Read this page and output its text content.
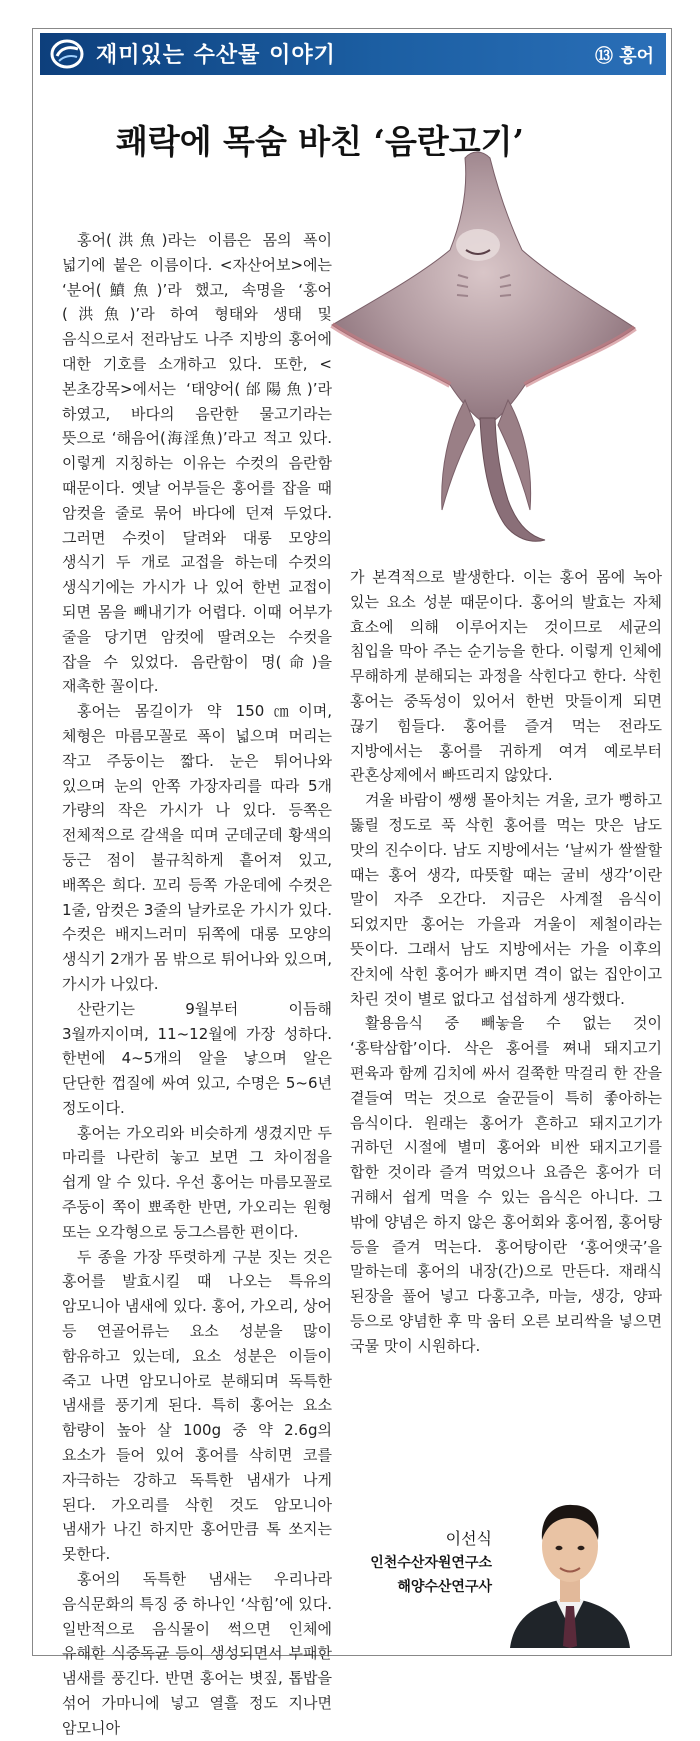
재미있는 수산물 이야기	⑬ 홍어
쾌락에 목숨 바친 ‘음란고기’

홍어(洪魚)라는 이름은 몸의 폭이 넓기에 붙은 이름이다. <자산어보>에는 ‘분어(鱝魚)’라 했고, 속명을 ‘홍어(洪魚)’라 하여 형태와 생태 및 음식으로서 전라남도 나주 지방의 홍어에 대한 기호를 소개하고 있다. 또한, <본초강목>에서는 ‘태양어(邰陽魚)’라 하였고, 바다의 음란한 물고기라는 뜻으로 ‘해음어(海淫魚)’라고 적고 있다. 이렇게 지칭하는 이유는 수컷의 음란함 때문이다. 옛날 어부들은 홍어를 잡을 때 암컷을 줄로 묶어 바다에 던져 두었다. 그러면 수컷이 달려와 대롱 모양의 생식기 두 개로 교접을 하는데 수컷의 생식기에는 가시가 나 있어 한번 교접이 되면 몸을 빼내기가 어렵다. 이때 어부가 줄을 당기면 암컷에 딸려오는 수컷을 잡을 수 있었다. 음란함이 명(命)을 재촉한 꼴이다.

홍어는 몸길이가 약 150㎝이며, 체형은 마름모꼴로 폭이 넓으며 머리는 작고 주둥이는 짧다. 눈은 튀어나와 있으며 눈의 안쪽 가장자리를 따라 5개 가량의 작은 가시가 나 있다. 등쪽은 전체적으로 갈색을 띠며 군데군데 황색의 둥근 점이 불규칙하게 흩어져 있고, 배쪽은 희다. 꼬리 등쪽 가운데에 수컷은 1줄, 암컷은 3줄의 날카로운 가시가 있다. 수컷은 배지느러미 뒤쪽에 대롱 모양의 생식기 2개가 몸 밖으로 튀어나와 있으며, 가시가 나있다.

산란기는 9월부터 이듬해 3월까지이며, 11~12월에 가장 성하다. 한번에 4~5개의 알을 낳으며 알은 단단한 껍질에 싸여 있고, 수명은 5~6년 정도이다.

홍어는 가오리와 비슷하게 생겼지만 두 마리를 나란히 놓고 보면 그 차이점을 쉽게 알 수 있다. 우선 홍어는 마름모꼴로 주둥이 쪽이 뾰족한 반면, 가오리는 원형 또는 오각형으로 둥그스름한 편이다.

두 종을 가장 뚜렷하게 구분 짓는 것은 홍어를 발효시킬 때 나오는 특유의 암모니아 냄새에 있다. 홍어, 가오리, 상어 등 연골어류는 요소 성분을 많이 함유하고 있는데, 요소 성분은 이들이 죽고 나면 암모니아로 분해되며 독특한 냄새를 풍기게 된다. 특히 홍어는 요소 함량이 높아 살 100g 중 약 2.6g의 요소가 들어 있어 홍어를 삭히면 코를 자극하는 강하고 독특한 냄새가 나게 된다. 가오리를 삭힌 것도 암모니아 냄새가 나긴 하지만 홍어만큼 톡 쏘지는 못한다.

홍어의 독특한 냄새는 우리나라 음식문화의 특징 중 하나인 ‘삭힘’에 있다. 일반적으로 음식물이 썩으면 인체에 유해한 식중독균 등이 생성되면서 부패한 냄새를 풍긴다. 반면 홍어는 볏짚, 톱밥을 섞어 가마니에 넣고 열흘 정도 지나면 암모니아

가 본격적으로 발생한다. 이는 홍어 몸에 녹아 있는 요소 성분 때문이다. 홍어의 발효는 자체 효소에 의해 이루어지는 것이므로 세균의 침입을 막아 주는 순기능을 한다. 이렇게 인체에 무해하게 분해되는 과정을 삭힌다고 한다. 삭힌 홍어는 중독성이 있어서 한번 맛들이게 되면 끊기 힘들다. 홍어를 즐겨 먹는 전라도 지방에서는 홍어를 귀하게 여겨 예로부터 관혼상제에서 빠뜨리지 않았다.

겨울 바람이 쌩쌩 몰아치는 겨울, 코가 뻥하고 뚫릴 정도로 푹 삭힌 홍어를 먹는 맛은 남도 맛의 진수이다. 남도 지방에서는 ‘날씨가 쌀쌀할 때는 홍어 생각, 따뜻할 때는 굴비 생각’이란 말이 자주 오간다. 지금은 사계절 음식이 되었지만 홍어는 가을과 겨울이 제철이라는 뜻이다. 그래서 남도 지방에서는 가을 이후의 잔치에 삭힌 홍어가 빠지면 격이 없는 집안이고 차린 것이 별로 없다고 섭섭하게 생각했다.

활용음식 중 빼놓을 수 없는 것이 ‘홍탁삼합’이다. 삭은 홍어를 쪄내 돼지고기 편육과 함께 김치에 싸서 걸쭉한 막걸리 한 잔을 곁들여 먹는 것으로 술꾼들이 특히 좋아하는 음식이다. 원래는 홍어가 흔하고 돼지고기가 귀하던 시절에 별미 홍어와 비싼 돼지고기를 합한 것이라 즐겨 먹었으나 요즘은 홍어가 더 귀해서 쉽게 먹을 수 있는 음식은 아니다. 그 밖에 양념은 하지 않은 홍어회와 홍어찜, 홍어탕 등을 즐겨 먹는다. 홍어탕이란 ‘홍어앳국’을 말하는데 홍어의 내장(간)으로 만든다. 재래식 된장을 풀어 넣고 다홍고추, 마늘, 생강, 양파 등으로 양념한 후 막 움터 오른 보리싹을 넣으면 국물 맛이 시원하다.

이선식
인천수산자원연구소
해양수산연구사
